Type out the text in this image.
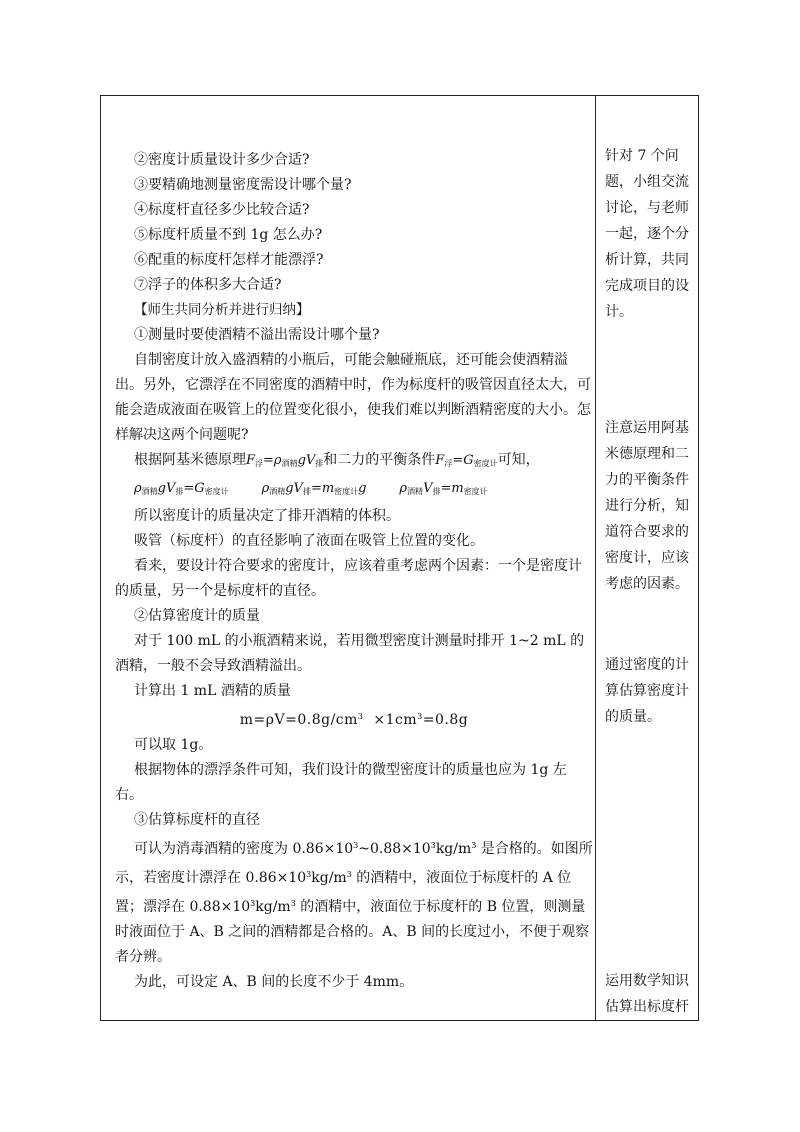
②密度计质量设计多少合适?

③要精确地测量密度需设计哪个量?

④标度杆直径多少比较合适?

⑤标度杆质量不到 1g 怎么办?

⑥配重的标度杆怎样才能漂浮?

⑦浮子的体积多大合适?

【师生共同分析并进行归纳】

①测量时要使酒精不溢出需设计哪个量?

自制密度计放入盛酒精的小瓶后，可能会触碰瓶底，还可能会使酒精溢出。另外，它漂浮在不同密度的酒精中时，作为标度杆的吸管因直径太大，可能会造成液面在吸管上的位置变化很小，使我们难以判断酒精密度的大小。怎样解决这两个问题呢?

根据阿基米德原理$F_浮=\rho_{酒精}gV_排$和二力的平衡条件$F_浮=G_{密度计}$可知，

$\rho_{酒精}gV_排=G_{密度计}$	$\rho_{酒精}gV_排=m_{密度计}g$	$\rho_{酒精}V_排=m_{密度计}$

所以密度计的质量决定了排开酒精的体积。

吸管（标度杆）的直径影响了液面在吸管上位置的变化。

看来，要设计符合要求的密度计，应该着重考虑两个因素：一个是密度计的质量，另一个是标度杆的直径。

②估算密度计的质量

对于 100 mL 的小瓶酒精来说，若用微型密度计测量时排开 1~2 mL 的酒精，一般不会导致酒精溢出。

计算出 1 mL 酒精的质量

$m=\rho V=0.8g/cm^3 \times 1cm^3=0.8g$

可以取 1g。

根据物体的漂浮条件可知，我们设计的微型密度计的质量也应为 1g 左右。

③估算标度杆的直径

可认为消毒酒精的密度为 $0.86\times 10^3\sim 0.88\times 10^3kg/m^3$ 是合格的。如图所示，若密度计漂浮在 $0.86\times 10^3kg/m^3$ 的酒精中，液面位于标度杆的 A 位置；漂浮在 $0.88\times 10^3kg/m^3$ 的酒精中，液面位于标度杆的 B 位置，则测量时液面位于 A、B 之间的酒精都是合格的。A、B 间的长度过小，不便于观察者分辨。

为此，可设定 A、B 间的长度不少于 4mm。

针对 7 个问题，小组交流讨论，与老师一起，逐个分析计算，共同完成项目的设计。
注意运用阿基米德原理和二力的平衡条件进行分析，知道符合要求的密度计，应该考虑的因素。
通过密度的计算估算密度计的质量。
运用数学知识估算出标度杆
